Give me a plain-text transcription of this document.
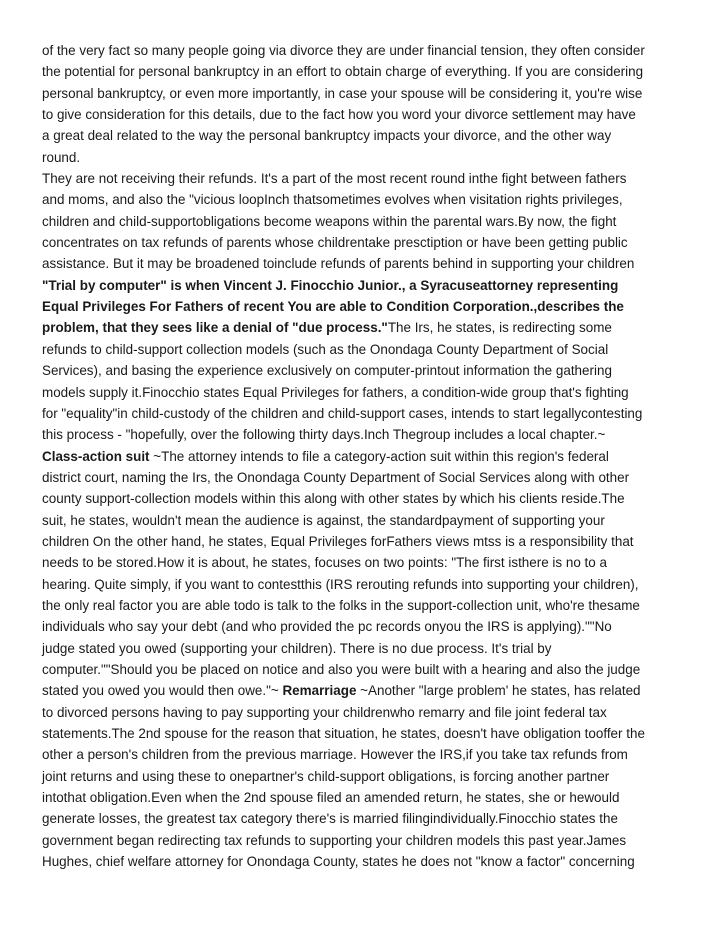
of the very fact so many people going via divorce they are under financial tension, they often consider
the potential for personal bankruptcy in an effort to obtain charge of everything. If you are considering
personal bankruptcy, or even more importantly, in case your spouse will be considering it, you're wise
to give consideration for this details, due to the fact how you word your divorce settlement may have
a great deal related to the way the personal bankruptcy impacts your divorce, and the other way
round.
They are not receiving their refunds. It's a part of the most recent round inthe fight between fathers
and moms, and also the "vicious loopInch thatsometimes evolves when visitation rights privileges,
children and child-supportobligations become weapons within the parental wars.By now, the fight
concentrates on tax refunds of parents whose childrentake presctiption or have been getting public
assistance. But it may be broadened toinclude refunds of parents behind in supporting your children
"Trial by computer" is when Vincent J. Finocchio Junior., a Syracuseattorney representing
Equal Privileges For Fathers of recent You are able to Condition Corporation.,describes the
problem, that they sees like a denial of "due process."The Irs, he states, is redirecting some
refunds to child-support collection models (such as the Onondaga County Department of Social
Services), and basing the experience exclusively on computer-printout information the gathering
models supply it.Finocchio states Equal Privileges for fathers, a condition-wide group that's fighting
for "equality"in child-custody of the children and child-support cases, intends to start legallycontesting
this process - "hopefully, over the following thirty days.Inch Thegroup includes a local chapter.~
Class-action suit ~The attorney intends to file a category-action suit within this region's federal
district court, naming the Irs, the Onondaga County Department of Social Services along with other
county support-collection models within this along with other states by which his clients reside.The
suit, he states, wouldn't mean the audience is against, the standardpayment of supporting your
children On the other hand, he states, Equal Privileges forFathers views mtss is a responsibility that
needs to be stored.How it is about, he states, focuses on two points: "The first isthere is no to a
hearing. Quite simply, if you want to contestthis (IRS rerouting refunds into supporting your children),
the only real factor you are able todo is talk to the folks in the support-collection unit, who're thesame
individuals who say your debt (and who provided the pc records onyou the IRS is applying).""No
judge stated you owed (supporting your children). There is no due process. It's trial by
computer.""Should you be placed on notice and also you were built with a hearing and also the judge
stated you owed you would then owe."~ Remarriage ~Another "large problem' he states, has related
to divorced persons having to pay supporting your childrenwho remarry and file joint federal tax
statements.The 2nd spouse for the reason that situation, he states, doesn't have obligation tooffer the
other a person's children from the previous marriage. However the IRS,if you take tax refunds from
joint returns and using these to onepartner's child-support obligations, is forcing another partner
intothat obligation.Even when the 2nd spouse filed an amended return, he states, she or hewould
generate losses, the greatest tax category there's is married filingindividually.Finocchio states the
government began redirecting tax refunds to supporting your children models this past year.James
Hughes, chief welfare attorney for Onondaga County, states he does not "know a factor" concerning
